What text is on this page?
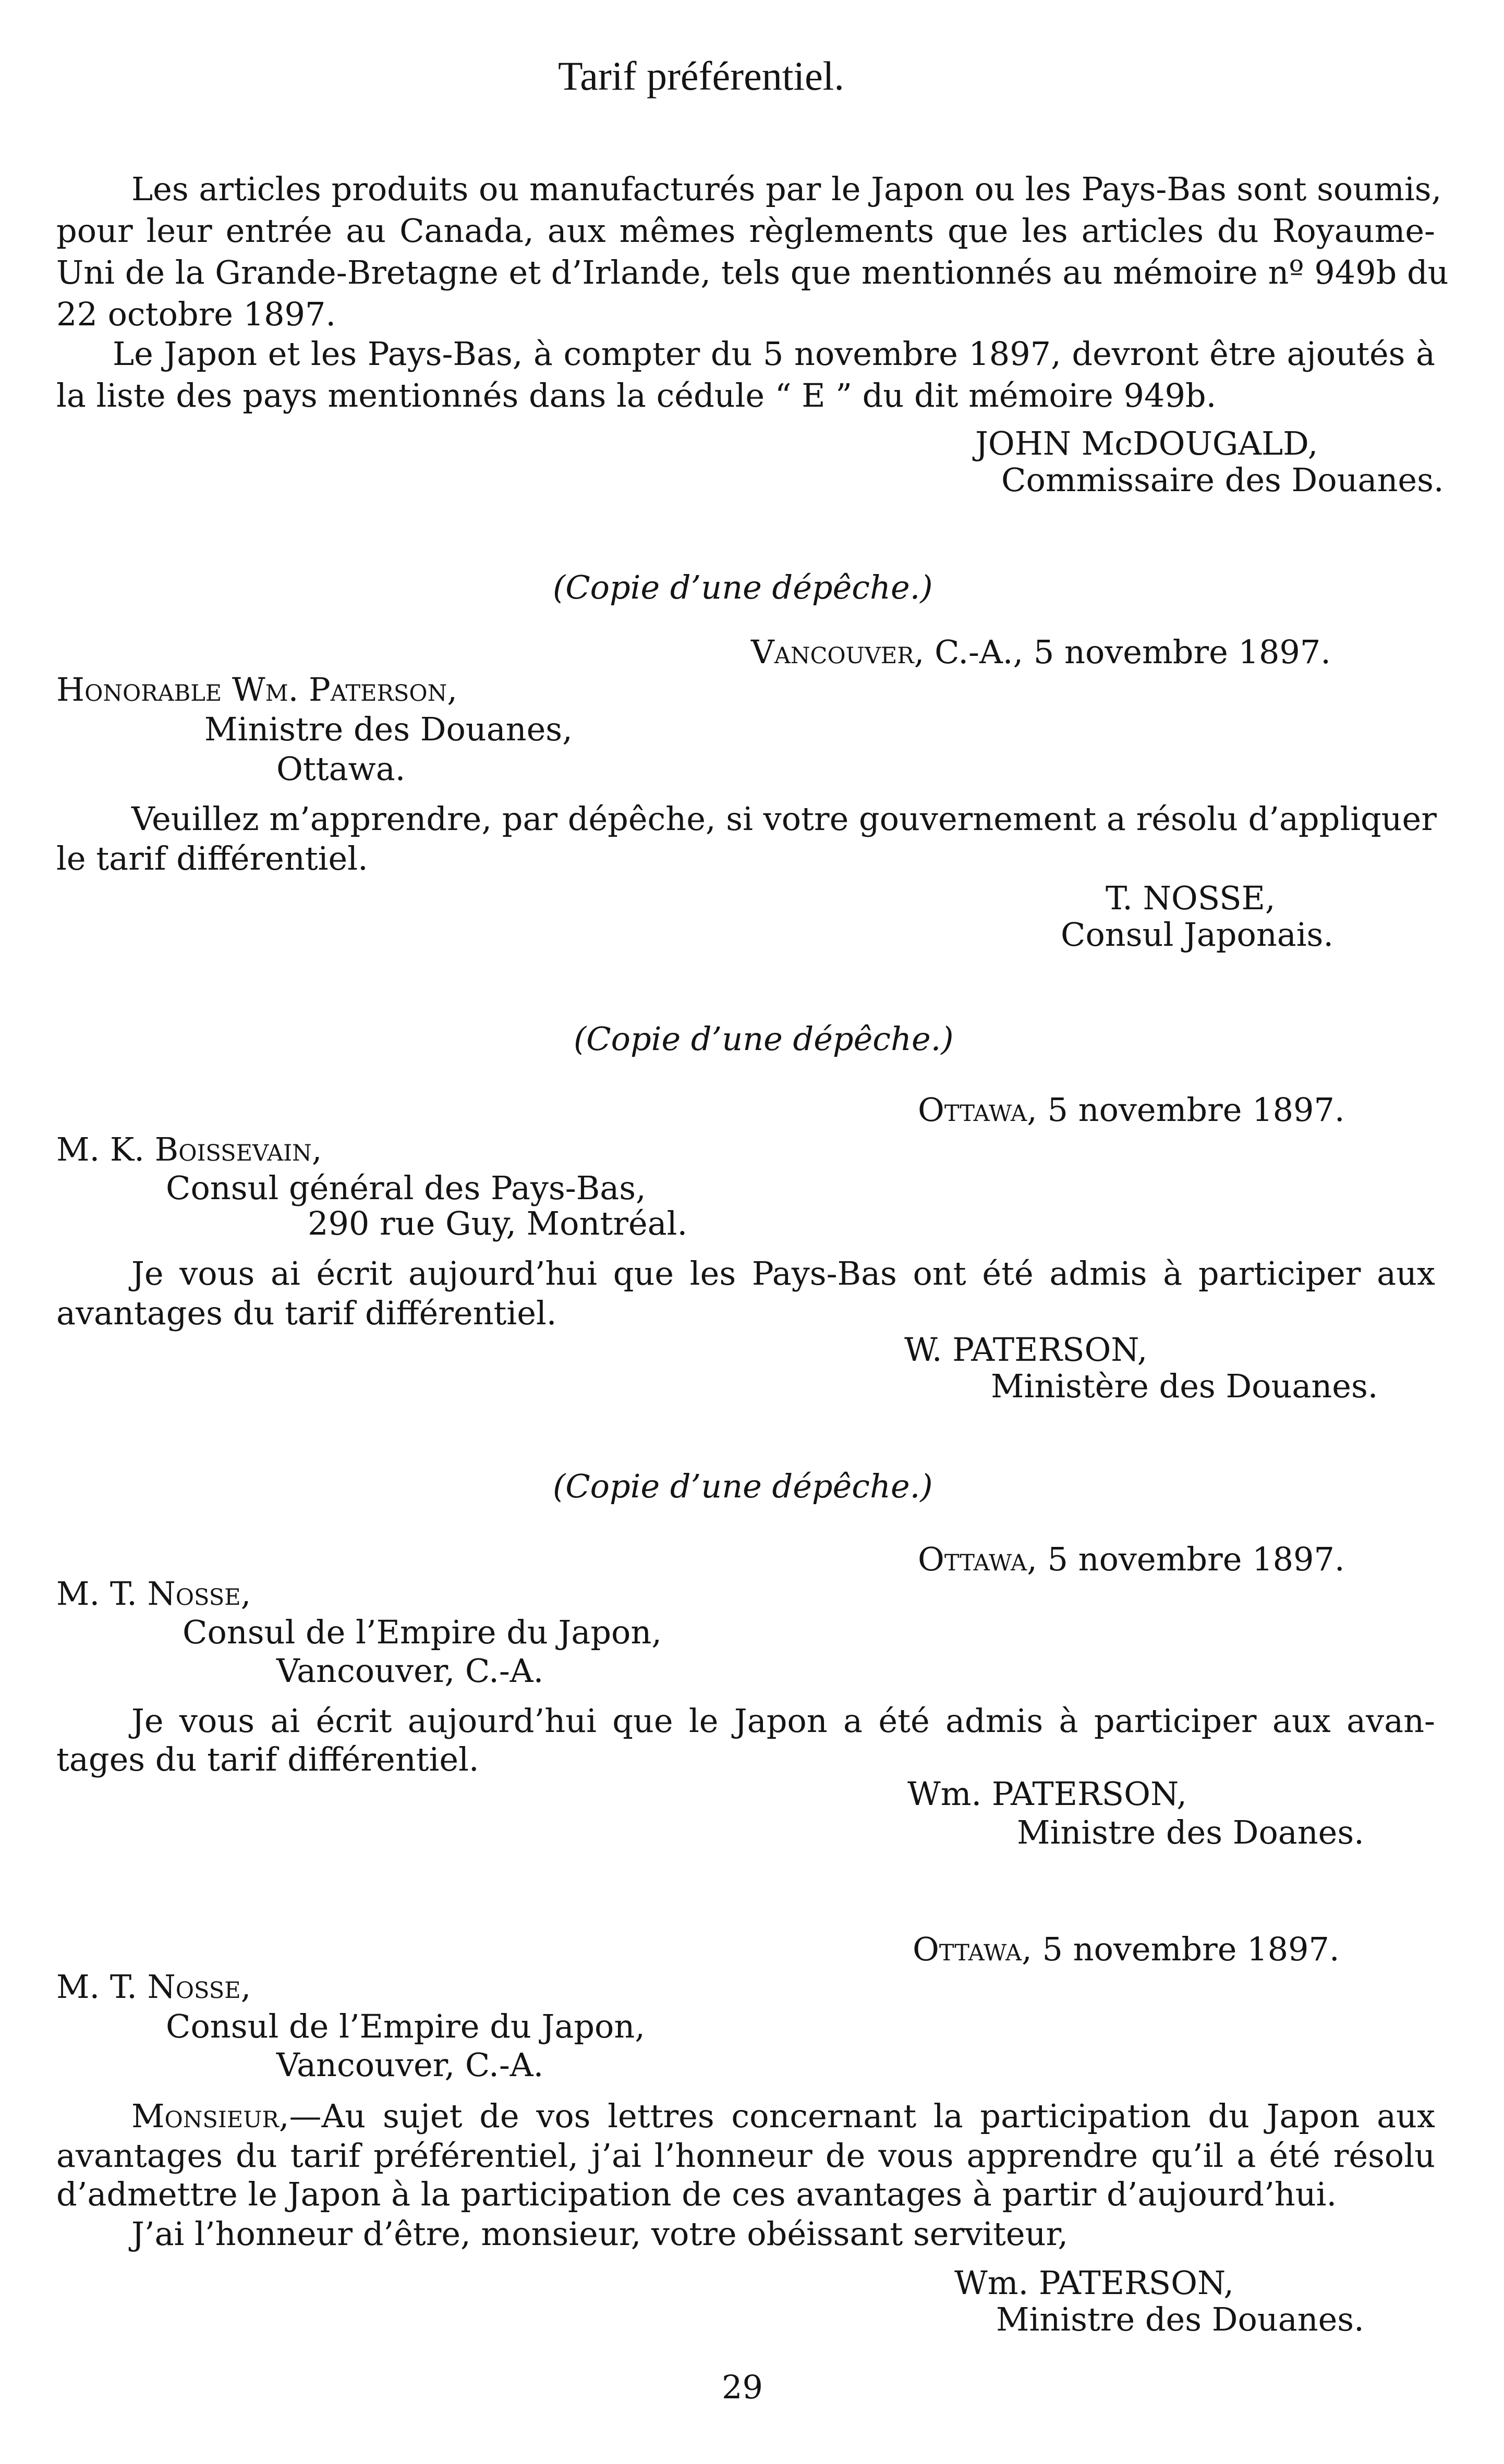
Tarif préférentiel.
Les articles produits ou manufacturés par le Japon ou les Pays-Bas sont soumis,
pour leur entrée au Canada, aux mêmes règlements que les articles du Royaume-
Uni de la Grande-Bretagne et d’Irlande, tels que mentionnés au mémoire nº 949b du
22 octobre 1897.
Le Japon et les Pays-Bas, à compter du 5 novembre 1897, devront être ajoutés à
la liste des pays mentionnés dans la cédule “ E ” du dit mémoire 949b.
JOHN McDOUGALD,
Commissaire des Douanes.
(Copie d’une dépêche.)
Vancouver, C.-A., 5 novembre 1897.
Honorable Wm. Paterson,
Ministre des Douanes,
Ottawa.
Veuillez m’apprendre, par dépêche, si votre gouvernement a résolu d’appliquer
le tarif différentiel.
T. NOSSE,
Consul Japonais.
(Copie d’une dépêche.)
Ottawa, 5 novembre 1897.
M. K. Boissevain,
Consul général des Pays-Bas,
290 rue Guy, Montréal.
Je vous ai écrit aujourd’hui que les Pays-Bas ont été admis à participer aux
avantages du tarif différentiel.
W. PATERSON,
Ministère des Douanes.
(Copie d’une dépêche.)
Ottawa, 5 novembre 1897.
M. T. Nosse,
Consul de l’Empire du Japon,
Vancouver, C.-A.
Je vous ai écrit aujourd’hui que le Japon a été admis à participer aux avan-
tages du tarif différentiel.
Wm. PATERSON,
Ministre des Doanes.
Ottawa, 5 novembre 1897.
M. T. Nosse,
Consul de l’Empire du Japon,
Vancouver, C.-A.
Monsieur,—Au sujet de vos lettres concernant la participation du Japon aux
avantages du tarif préférentiel, j’ai l’honneur de vous apprendre qu’il a été résolu
d’admettre le Japon à la participation de ces avantages à partir d’aujourd’hui.
J’ai l’honneur d’être, monsieur, votre obéissant serviteur,
Wm. PATERSON,
Ministre des Douanes.
29
